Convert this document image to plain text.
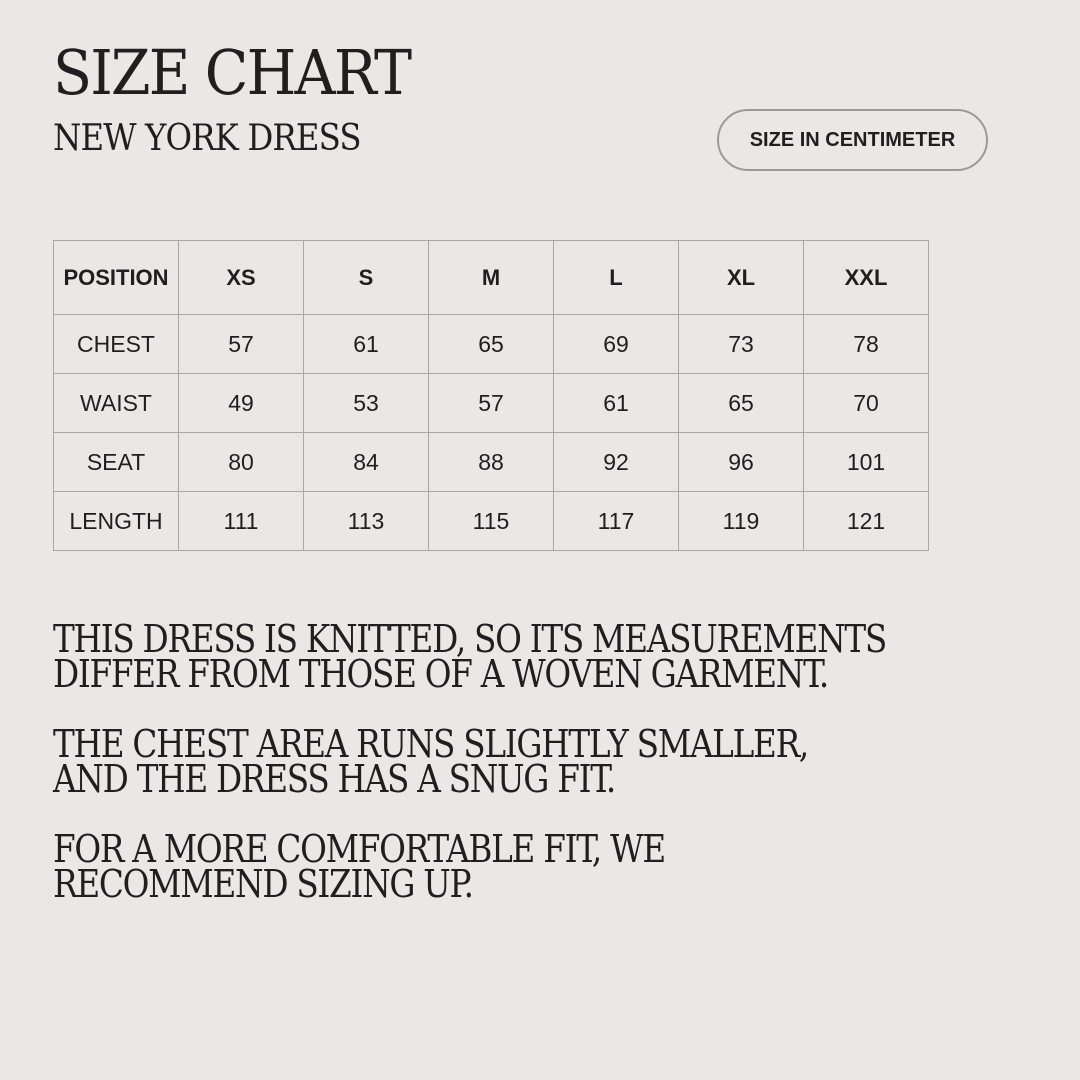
SIZE CHART
NEW YORK DRESS	SIZE IN CENTIMETER
POSITION	XS	S	M	L	XL	XXL
CHEST	57	61	65	69	73	78
WAIST	49	53	57	61	65	70
SEAT	80	84	88	92	96	101
LENGTH	111	113	115	117	119	121

THIS DRESS IS KNITTED, SO ITS MEASUREMENTS
DIFFER FROM THOSE OF A WOVEN GARMENT.

THE CHEST AREA RUNS SLIGHTLY SMALLER,
AND THE DRESS HAS A SNUG FIT.

FOR A MORE COMFORTABLE FIT, WE
RECOMMEND SIZING UP.
